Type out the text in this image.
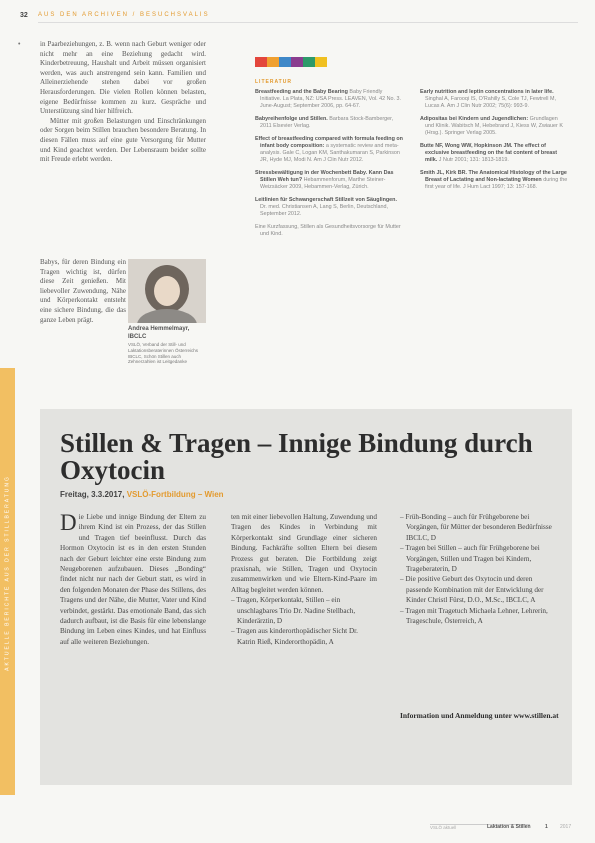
32 AUS DEN ARCHIVEN / BESUCHSVALIS
•	in Paarbeziehungen, z. B. wenn nach Geburt weniger oder nicht mehr an eine Beziehung gedacht wird. Kinderbetreuung, Haushalt und Arbeit müssen organisiert werden, was auch anstrengend sein kann. Familien und Alleinerziehende stehen dabei vor großen Herausforderungen. Die vielen Rollen können belasten, eigene Bedürfnisse kommen zu kurz. Gespräche und Unterstützung sind hier hilfreich.

Mütter mit großen Belastungen und Einschränkungen oder Sorgen beim Stillen brauchen besondere Beratung. In diesen Fällen muss auf eine gute Versorgung für Mutter und Kind geachtet werden. Der Lebensraum beider sollte mit Freude erlebt werden.

Babys, für deren Bindung ein Tragen wichtig ist, dürfen diese Zeit genießen. Mit liebevoller Zuwendung, Nähe und Körperkontakt entsteht eine sichere Bindung, die das ganze Leben prägt.

Andrea Hemmelmayr, IBCLC
VSLÖ, Verband der Still- und Laktationsberaterinnen Österreichs IBCLC, Schön Stillen auch Zehnerzahlen ist Leitgedanke
LITERATUR
Breastfeeding and the Baby Bearing Baby Friendly Initiative. La Plata, NZ: USA Press. LEAVEN, Vol. 42 No. 3. June-August; September 2006, pp. 64-67.
Babyreihenfolge und Stillen. Barbara Stock-Bamberger, 2011 Elsevier Verlag.
Effect of breastfeeding compared with formula feeding on infant body composition: a systematic review and meta-analysis. Gale C, Logan KM, Santhakumaran S, Parkinson JR, Hyde MJ, Modi N. Am J Clin Nutr 2012.
Stressbewältigung in der Wochenbett Baby. Kann Das Stillen Weh tun? Hebammenforum, Marthe Steiner-Weizsäcker 2009, Hebammen-Verlag, Zürich.
Leitlinien für Schwangerschaft Stillzeit von Säuglingen. Dr. med. Christiansen A, Lang S, Berlin, Deutschland, September 2012.
Eine Kurzfassung, Stillen als Gesundheitsvorsorge für Mutter und Kind.
Early nutrition and leptin concentrations in later life. Singhal A, Farooqi IS, O'Rahilly S, Cole TJ, Fewtrell M, Lucas A. Am J Clin Nutr 2002; 75(6): 993-9.
Adipositas bei Kindern und Jugendlichen: Grundlagen und Klinik. Wabitsch M, Hebebrand J, Kiess W, Zwiauer K (Hrsg.). Springer Verlag 2005.
Butte NF, Wong WW, Hopkinson JM. The effect of exclusive breastfeeding on the fat content of breast milk. J Nutr 2001; 131: 1813-1819.
Smith JL, Kirk BR. The Anatomical Histology of the Large Breast of Lactating and Non-lactating Women during the first year of life. J Hum Lact 1997; 13: 157-168.
AKTUELLE BERICHTE AUS DER STILLBERATUNG
Stillen & Tragen – Innige Bindung durch Oxytocin
Freitag, 3.3.2017, VSLÖ-Fortbildung – Wien

Die Liebe und innige Bindung der Eltern zu ihrem Kind ist ein Prozess, der das Stillen und Tragen tief beeinflusst. Durch das Hormon Oxytocin ist es in den ersten Stunden nach der Geburt leichter eine erste Bindung zum Neugeborenen aufzubauen. Dieses „Bonding“ findet nicht nur nach der Geburt statt, es wird in den folgenden Monaten der Phase des Stillens, des Tragens und der Nähe, die Mutter, Vater und Kind verbindet, gestärkt. Das emotionale Band, das sich dadurch aufbaut, ist die Basis für eine lebenslange Bindung im Leben eines Kindes, und hat Einfluss auf alle weiteren Beziehungen.

ten mit einer liebevollen Haltung, Zuwendung und Tragen des Kindes in Verbindung mit Körperkontakt sind Grundlage einer sicheren Bindung. Fachkräfte sollten Eltern bei diesem Prozess gut beraten. Die Fortbildung zeigt praxisnah, wie Stillen, Tragen und Oxytocin zusammenwirken und wie Eltern-Kind-Paare im Alltag begleitet werden können.

– Tragen, Körperkontakt, Stillen – ein unschlagbares Trio Dr. Nadine Stellbach, Kinderärztin, D
– Tragen aus kinderorthopädischer Sicht Dr. Katrin Rieß, Kinderorthopädin, A
– Früh-Bonding – auch für Frühgeborene bei Vorgängen, für Mütter der besonderen Bedürfnisse IBCLC, D
– Tragen bei Stillen – auch für Frühgeborene bei Vorgängen, Stillen und Tragen bei Kindern, Trageberaterin, D
– Die positive Geburt des Oxytocin und deren passende Kombination mit der Entwicklung der Kinder Christl Fürst, D.O., M.Sc., IBCLC, A
– Tragen mit Tragetuch Michaela Lehner, Lehrerin, Trageschule, Österreich, A
Information und Anmeldung unter www.stillen.at
VSLÖ aktuell	Laktation & Stillen	1 2017
